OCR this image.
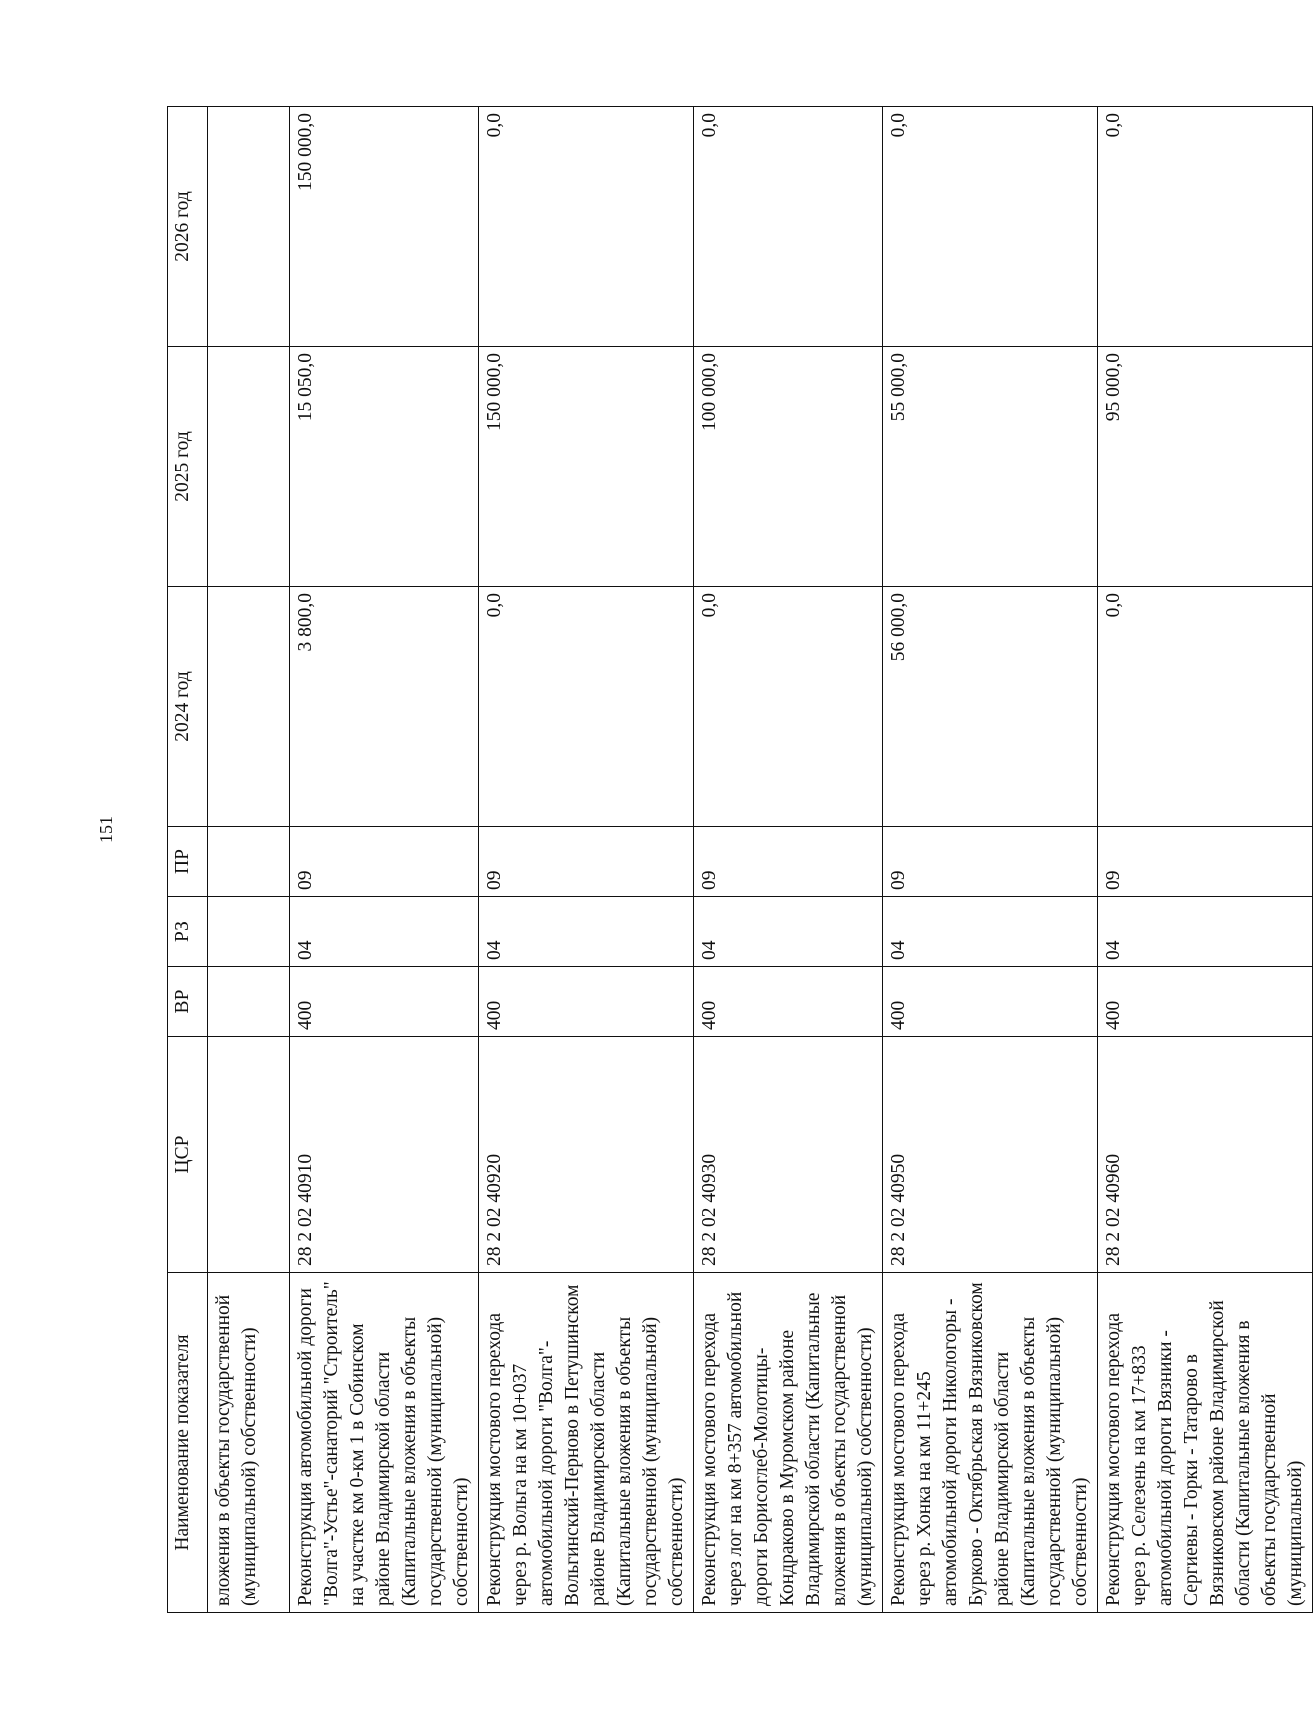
151
Наименование показателя	ЦСР	ВР	РЗ	ПР	2024 год	2025 год	2026 год
вложения в объекты государственной (муниципальной) собственности)							
Реконструкция автомобильной дороги "Волга"-Устье"-санаторий "Строитель" на участке км 0-км 1 в Собинском районе Владимирской области (Капитальные вложения в объекты государственной (муниципальной) собственности)	28 2 02 40910	400	04	09	3 800,0	15 050,0	150 000,0
Реконструкция мостового перехода через р. Вольга на км 10+037 автомобильной дороги "Волга"-Вольгинский-Перново в Петушинском районе Владимирской области (Капитальные вложения в объекты государственной (муниципальной) собственности)	28 2 02 40920	400	04	09	0,0	150 000,0	0,0
Реконструкция мостового перехода через лог на км 8+357 автомобильной дороги Борисоглеб-Молотицы-Кондраково в Муромском районе Владимирской области (Капитальные вложения в объекты государственной (муниципальной) собственности)	28 2 02 40930	400	04	09	0,0	100 000,0	0,0
Реконструкция мостового перехода через р. Хонка на км 11+245 автомобильной дороги Никологоры - Бурково - Октябрьская в Вязниковском районе Владимирской области (Капитальные вложения в объекты государственной (муниципальной) собственности)	28 2 02 40950	400	04	09	56 000,0	55 000,0	0,0
Реконструкция мостового перехода через р. Селезень на км 17+833 автомобильной дороги Вязники - Сергиевы - Горки - Татарово в Вязниковском районе Владимирской области (Капитальные вложения в объекты государственной (муниципальной)	28 2 02 40960	400	04	09	0,0	95 000,0	0,0
